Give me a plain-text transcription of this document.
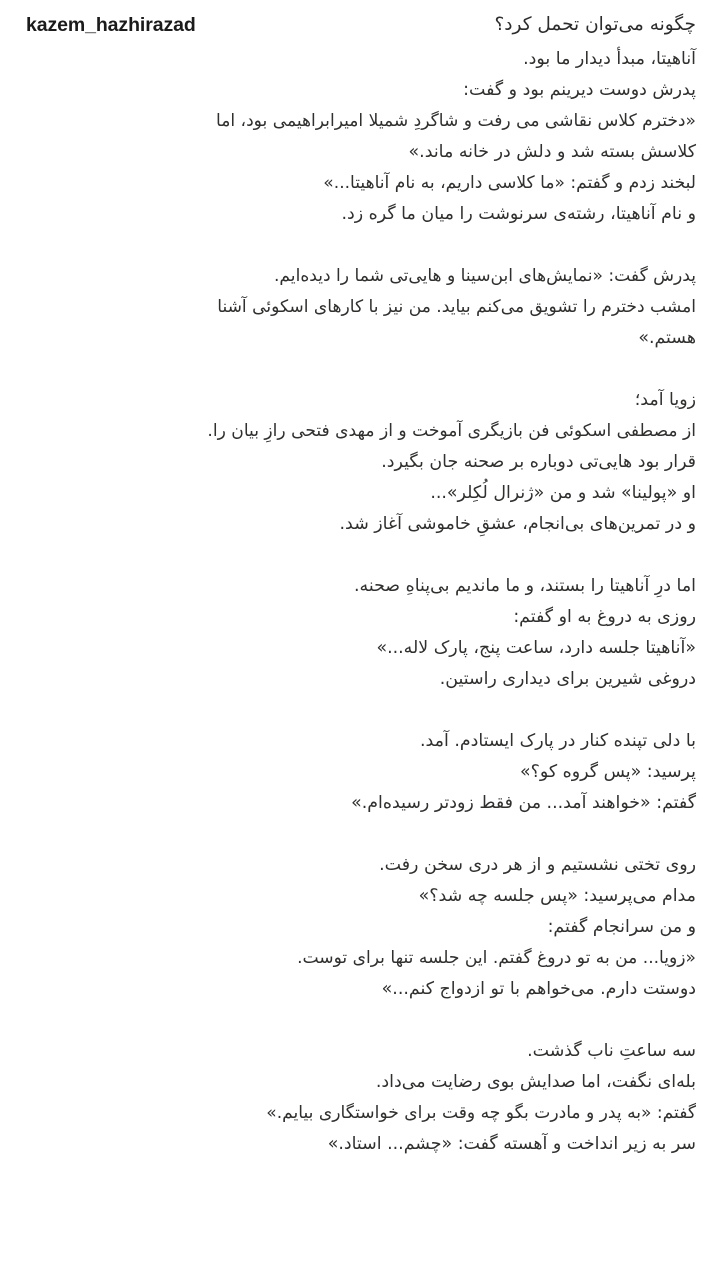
چگونه می‌توان تحمل کرد؟
kazem_hazhirazad
آناهیتا، مبدأ دیدار ما بود.
پدرش دوست دیرینم بود و گفت:
«دخترم کلاس نقاشی می رفت و شاگردِ شمیلا امیرابراهیمی بود، اما
کلاسش بسته شد و دلش در خانه ماند.»
لبخند زدم و گفتم: «ما کلاسی داریم، به نام آناهیتا...»
و نام آناهیتا، رشته‌ی سرنوشت را میان ما گره زد.
پدرش گفت: «نمایش‌های ابن‌سینا و هایی‌تی شما را دیده‌ایم.
امشب دخترم را تشویق می‌کنم بیاید. من نیز با کارهای اسکوئی آشنا
هستم.»
زویا آمد؛
از مصطفی اسکوئی فن بازیگری آموخت و از مهدی فتحی رازِ بیان را.
قرار بود هایی‌تی دوباره بر صحنه جان بگیرد.
او «پولینا» شد و من «ژنرال لُکِلر»...
و در تمرین‌های بی‌انجام، عشقِ خاموشی آغاز شد.
اما درِ آناهیتا را بستند، و ما ماندیم بی‌پناهِ صحنه.
روزی به دروغ به او گفتم:
«آناهیتا جلسه دارد، ساعت پنج، پارک لاله...»
دروغی شیرین برای دیداری راستین.
با دلی تپنده کنار در پارک ایستادم. آمد.
پرسید: «پس گروه کو؟»
گفتم: «خواهند آمد... من فقط زودتر رسیده‌ام.»
روی تختی نشستیم و از هر دری سخن رفت.
مدام می‌پرسید: «پس جلسه چه شد؟»
و من سرانجام گفتم:
«زویا... من به تو دروغ گفتم. این جلسه تنها برای توست.
دوستت دارم. می‌خواهم با تو ازدواج کنم...»
سه ساعتِ ناب گذشت.
بله‌ای نگفت، اما صدایش بوی رضایت می‌داد.
گفتم: «به پدر و مادرت بگو چه وقت برای خواستگاری بیایم.»
سر به زیر انداخت و آهسته گفت: «چشم... استاد.»
